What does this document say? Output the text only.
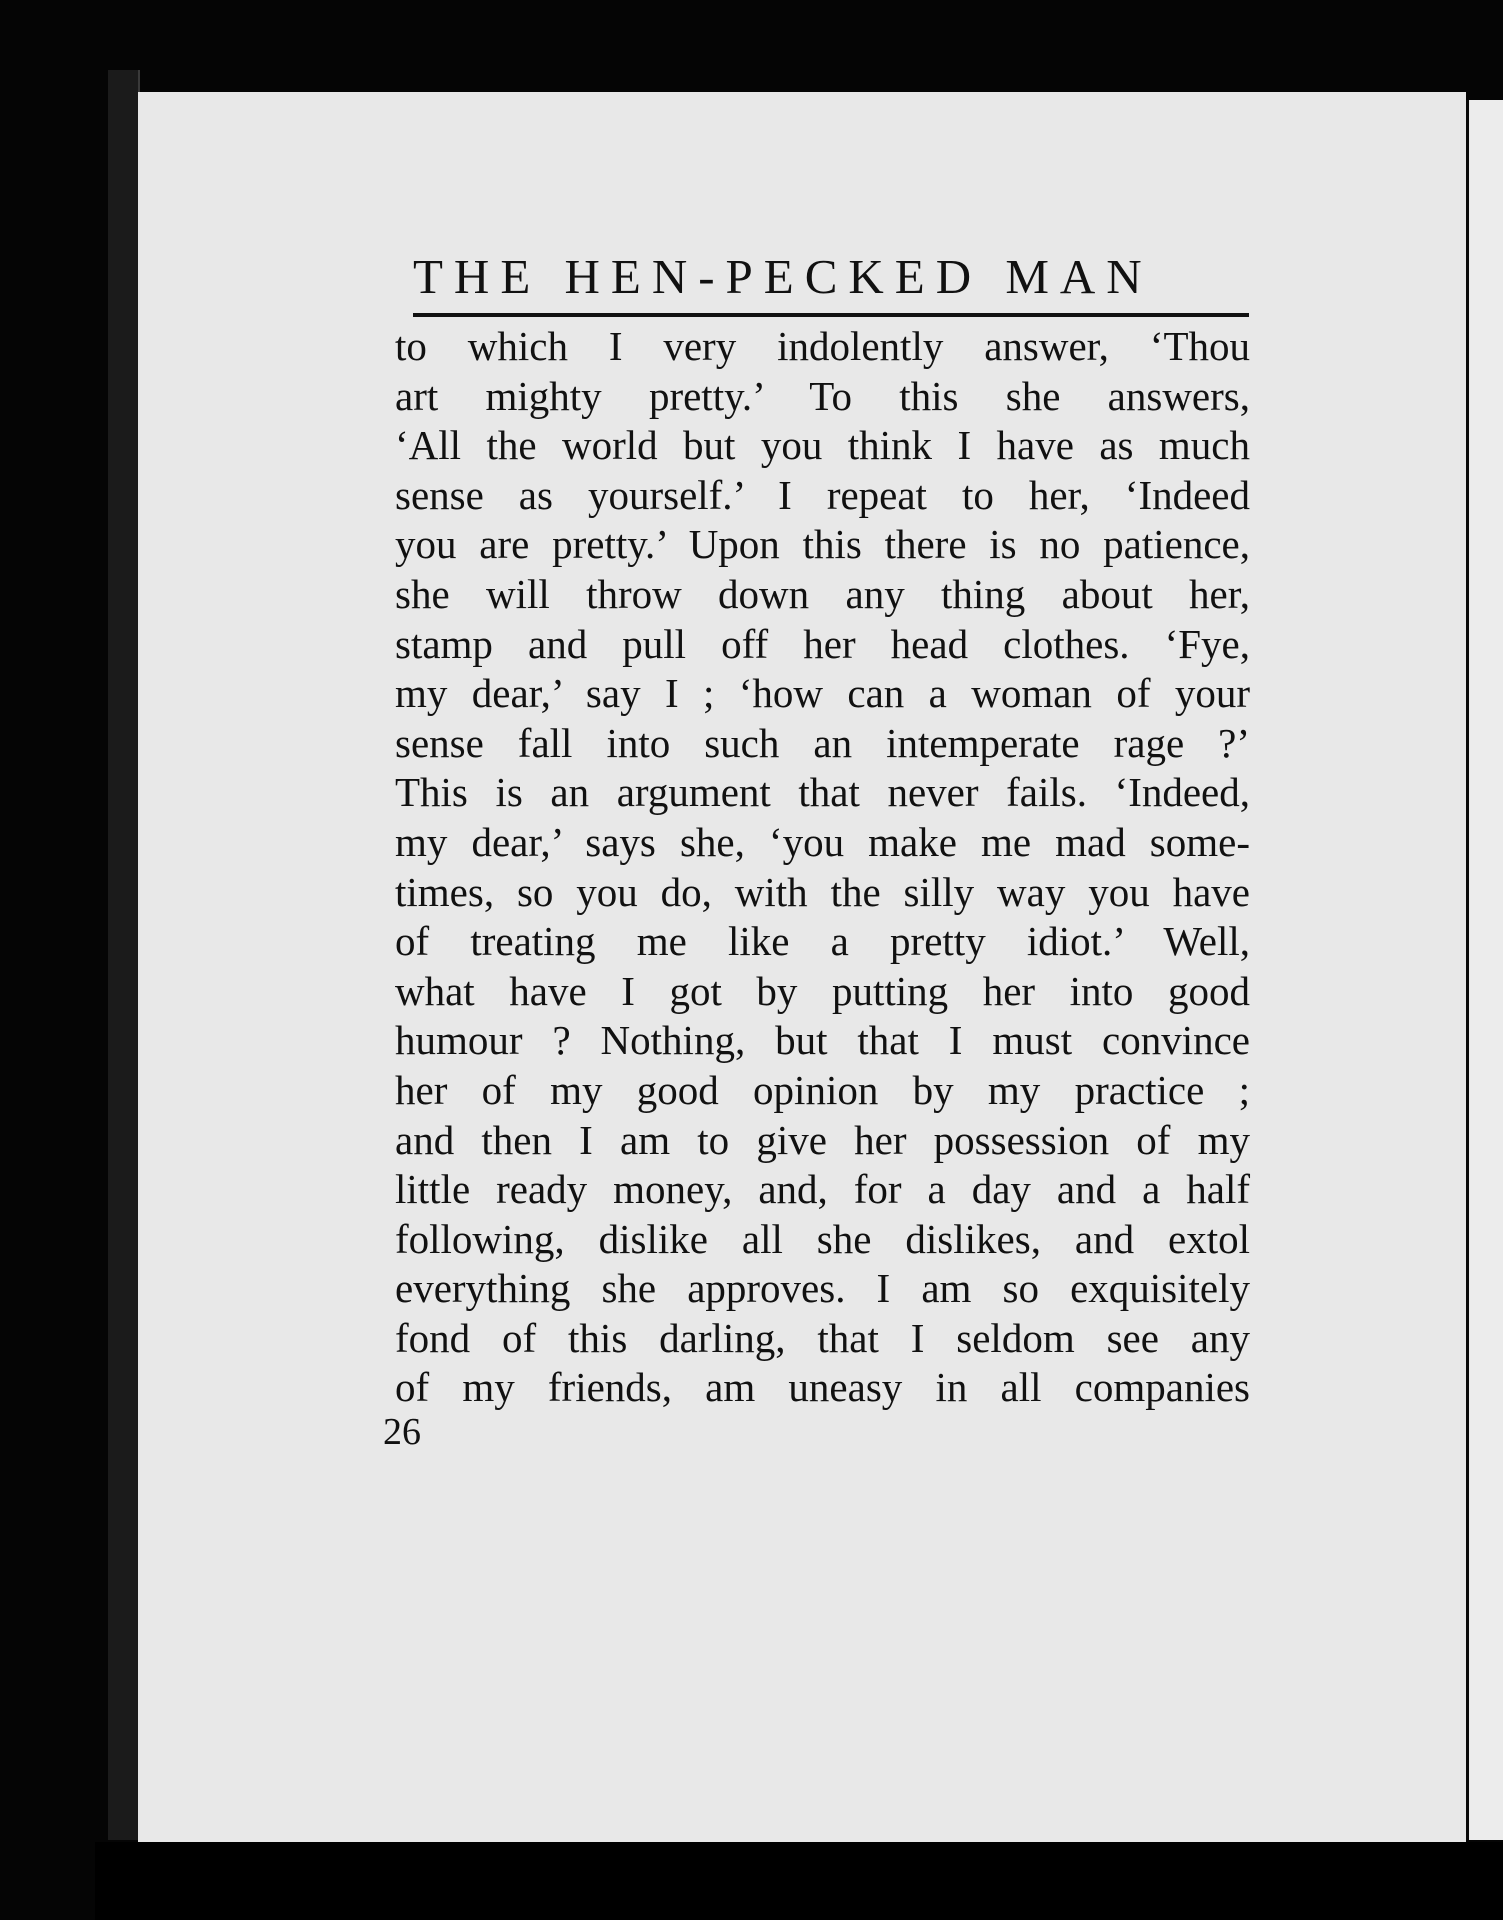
THE HEN-PECKED MAN
to which I very indolently answer, ‘Thou
art mighty pretty.’ To this she answers,
‘All the world but you think I have as much
sense as yourself.’ I repeat to her, ‘Indeed
you are pretty.’ Upon this there is no patience,
she will throw down any thing about her,
stamp and pull off her head clothes. ‘Fye,
my dear,’ say I ; ‘how can a woman of your
sense fall into such an intemperate rage ?’
This is an argument that never fails. ‘Indeed,
my dear,’ says she, ‘you make me mad some-
times, so you do, with the silly way you have
of treating me like a pretty idiot.’ Well,
what have I got by putting her into good
humour ? Nothing, but that I must convince
her of my good opinion by my practice ;
and then I am to give her possession of my
little ready money, and, for a day and a half
following, dislike all she dislikes, and extol
everything she approves. I am so exquisitely
fond of this darling, that I seldom see any
of my friends, am uneasy in all companies
26
